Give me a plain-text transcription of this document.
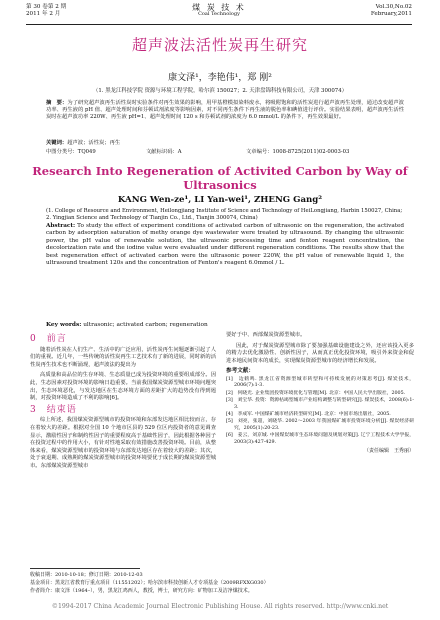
第 30 卷第 2 期
2011 年 2 月
煤 炭 技 术
Coal Technology
Vol.30,No.02
February,2011
超声波法活性炭再生研究
康文泽¹，李艳伟¹，郑 刚²
（1. 黑龙江科技学院 资源与环境工程学院，哈尔滨 150027；2. 天津盘锦科技有限公司，天津 300074）
摘　要：为了研究超声波再生活性炭时实验条件对再生效果的影响，用甲基橙模拟染料废水，将吸附饱和的活性炭进行超声波再生处理，通过改变超声波功率、再生液的 pH 值、超声处理时间和芬顿试剂浓度等影响因素，对不同再生条件下再生液的脱色率和碘值进行评价。实验结果表明，超声波再生活性炭时在超声波功率 220W、再生液 pH=1、超声处理时间 120 s 和芬顿试剂的浓度为 6.0 mmol/L 的条件下，再生效果最好。
关键词：超声波；活性炭；再生
中图分类号：TQ049	文献标识码：A	文章编号：1008-8725(2011)02-0003-03
Research Into Regeneration of Activited Carbon by Way of Ultrasonics
KANG Wen-ze¹, LI Yan-wei¹, ZHENG Gang²
(1. College of Resource and Environment, Heilongjiang Institute of Science and Technology of HeiLongjiang, Harbin 150027, China; 2. Yingjian Science and Technology of Tianjin Co., Ltd., Tianjin 300074, China)
Abstract: To study the effect of experiment conditions of activated carbon of ultrasonic on the regeneration, the activated carbon by adsorption saturation of methy orange dye wastewater were treated by ultrasound. By changing the ultrasonic power, the pH value of renewable solution, the ultrasonic processing time and fenton reagent concentration, the decolorization rate and the iodine value were evaluated under different regeneration conditions. The results show that the best regeneration effect of activated carbon were the ultrasonic power 220W, the pH value of renewable liquid 1, the ultrasound treatment 120s and the concentration of Fenton's reagent 6.0mmol / L.
Key words: ultrasonic; activated carbon; regeneration
0　前言

随着活性炭在人们生产、生活中的广泛应用，活性炭再生问题逐渐引起了人们的重视。近几年，一些传统的活性炭再生工艺技术有了新的进展，同时新的活性炭再生技术也不断涌现，超声波法的提出为

高质量和高品位的生存环境、生态质量已成为投资环境的重要组成部分。因此，生态因素对投资环境的影响日趋重要。当前我国煤炭资源型城市环境问题突出，生态环境恶化，与发达地区在生态环境方面的差距扩大的趋势没有得到遏制，对投资环境造成了不利的影响[6]。

3　结束语

综上所述，我国煤炭资源型城市的投资环境和东部发达地区相比较而言，存在着较大的差距。根据对全国 10 个地市区县的 529 位区内投资者的意见调查显示，激励性因子和制约性因子的重要程度高于基础性因子，因此根据各种因子在投资过程中的作用大小，有针对性地采取有效措施改善投资环境。目前，从整体来看，煤炭资源型城市的投资环境与东部发达地区存在着较大的差距；其次，处于衰退期、成熟期的煤炭资源型城市的投资环境要优于成长期的煤炭资源型城市。东部煤炭资源型城市

要好于中、西部煤炭资源型城市。

因此，对于煤炭资源型城市除了要加强基础设施建设之外，还应该投入更多的精力去优化激励性、创新性因子，从而真正优化投资环境，吸引外来资金和促进本地民间资本的成长，实现煤炭资源型城市的经济增长和发展。

参考文献：
[1]　边鹤鸣. 黑龙江省资源型城市转型和可持续发展的对策思考[J]. 煤炭技术，2006(7):1-3.
[2]　何晓光. 企业集团投资环境优化与管理[M]. 北京：中国人民大学出版社，2005.
[3]　刘宝华. 投资：资源枯竭型城市产业结构调整与转型研究[J]. 煤炭技术，2008(6):1-3.
[4]　李成军. 中国煤矿城市经济转型研究[M]. 北京：中国市场出版社，2005.
[5]　刘亮，张超，刘晓华. 2002～2003 年我国煤矿城市投资环境分析[J]. 煤炭经济研究，2005(1):20-23.
[6]　姜云，刘京城. 中国煤炭城市生态环境问题及规划对策[J]. 辽宁工程技术大学学报，2003(3):427-429.
（责任编辑　王秀丽）
收稿日期：2010-10-18；修订日期：2010-12-03
基金项目：黑龙江省教育厅重点项目（11551202）；哈尔滨市科技创新人才专项基金（2009RFXXG030）
作者简介：康文泽（1964–），男，黑龙江鸡西人，教授，博士，研究方向：矿物加工及洁净煤技术。
©1994-2017 China Academic Journal Electronic Publishing House. All rights reserved. http://www.cnki.net
